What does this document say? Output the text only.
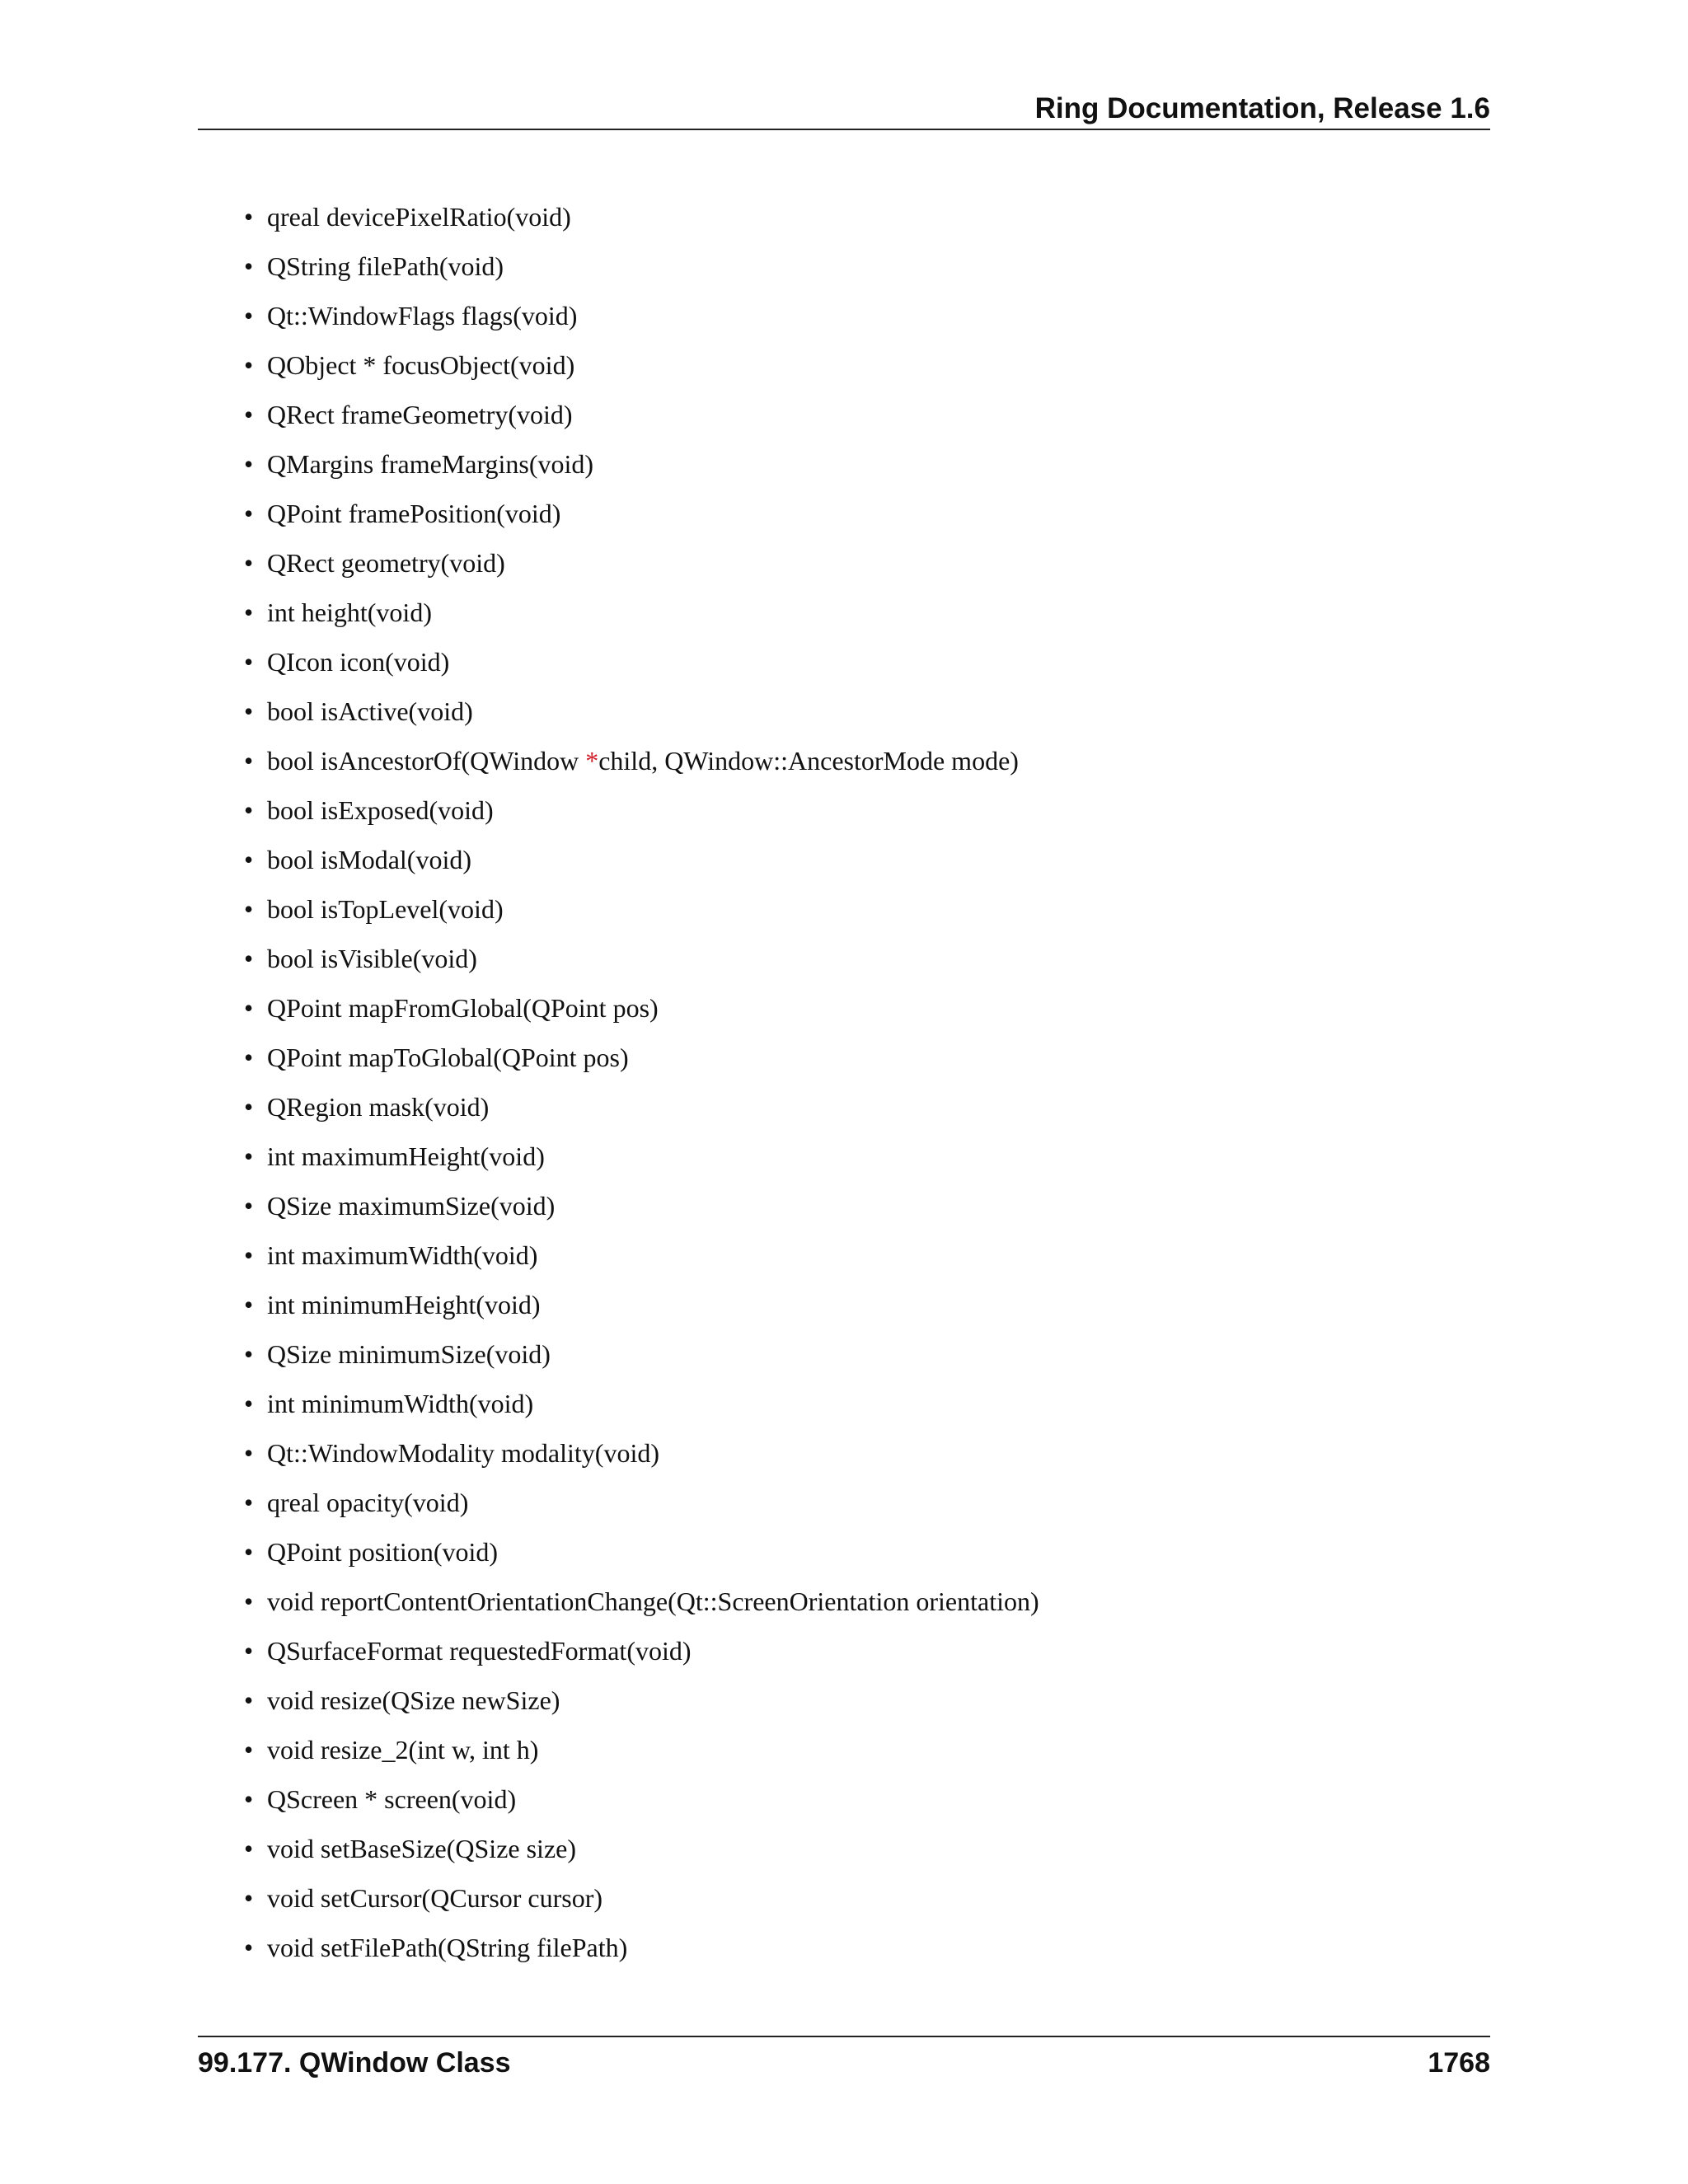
Ring Documentation, Release 1.6
• qreal devicePixelRatio(void)
• QString filePath(void)
• Qt::WindowFlags flags(void)
• QObject * focusObject(void)
• QRect frameGeometry(void)
• QMargins frameMargins(void)
• QPoint framePosition(void)
• QRect geometry(void)
• int height(void)
• QIcon icon(void)
• bool isActive(void)
• bool isAncestorOf(QWindow *child, QWindow::AncestorMode mode)
• bool isExposed(void)
• bool isModal(void)
• bool isTopLevel(void)
• bool isVisible(void)
• QPoint mapFromGlobal(QPoint pos)
• QPoint mapToGlobal(QPoint pos)
• QRegion mask(void)
• int maximumHeight(void)
• QSize maximumSize(void)
• int maximumWidth(void)
• int minimumHeight(void)
• QSize minimumSize(void)
• int minimumWidth(void)
• Qt::WindowModality modality(void)
• qreal opacity(void)
• QPoint position(void)
• void reportContentOrientationChange(Qt::ScreenOrientation orientation)
• QSurfaceFormat requestedFormat(void)
• void resize(QSize newSize)
• void resize_2(int w, int h)
• QScreen * screen(void)
• void setBaseSize(QSize size)
• void setCursor(QCursor cursor)
• void setFilePath(QString filePath)
99.177. QWindow Class	1768
